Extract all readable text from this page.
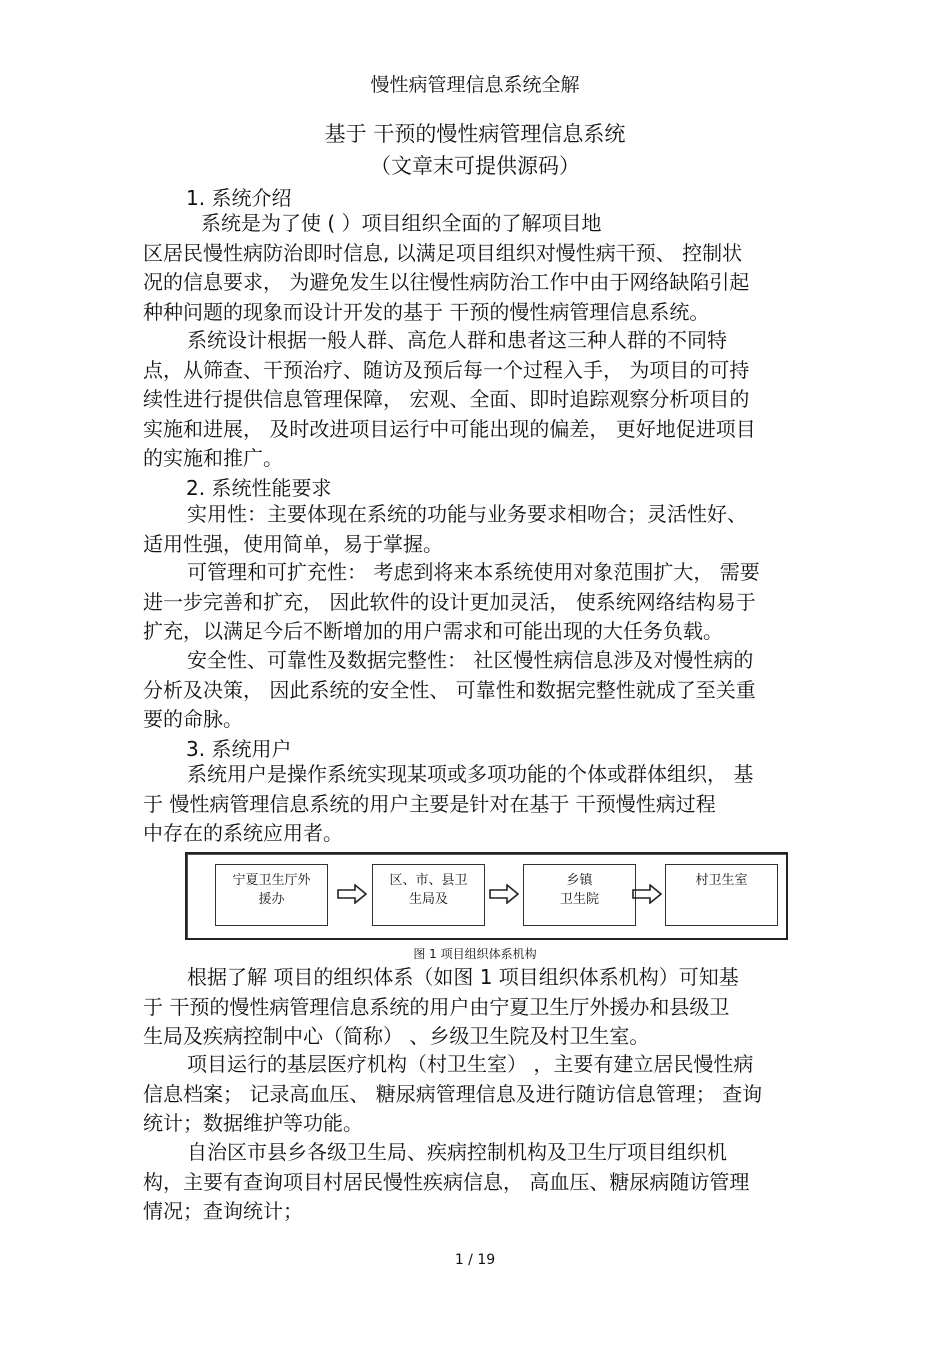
慢性病管理信息系统全解
基于 干预的慢性病管理信息系统
（文章末可提供源码）
1. 系统介绍
系统是为了使 ( ）项目组织全面的了解项目地
区居民慢性病防治即时信息, 以满足项目组织对慢性病干预、 控制状
况的信息要求， 为避免发生以往慢性病防治工作中由于网络缺陷引起
种种问题的现象而设计开发的基于 干预的慢性病管理信息系统。
系统设计根据一般人群、高危人群和患者这三种人群的不同特
点，从筛查、干预治疗、随访及预后每一个过程入手， 为项目的可持
续性进行提供信息管理保障， 宏观、全面、即时追踪观察分析项目的
实施和进展， 及时改进项目运行中可能出现的偏差， 更好地促进项目
的实施和推广。
2. 系统性能要求
实用性：主要体现在系统的功能与业务要求相吻合；灵活性好、
适用性强，使用简单，易于掌握。
可管理和可扩充性： 考虑到将来本系统使用对象范围扩大， 需要
进一步完善和扩充， 因此软件的设计更加灵活， 使系统网络结构易于
扩充，以满足今后不断增加的用户需求和可能出现的大任务负载。
安全性、可靠性及数据完整性： 社区慢性病信息涉及对慢性病的
分析及决策， 因此系统的安全性、 可靠性和数据完整性就成了至关重
要的命脉。
3. 系统用户
系统用户是操作系统实现某项或多项功能的个体或群体组织， 基
于 慢性病管理信息系统的用户主要是针对在基于 干预慢性病过程
中存在的系统应用者。
宁夏卫生厅外
援办
区、市、县卫
生局及
乡镇
卫生院
村卫生室
图 1 项目组织体系机构
根据了解 项目的组织体系（如图 1 项目组织体系机构）可知基
于 干预的慢性病管理信息系统的用户由宁夏卫生厅外援办和县级卫
生局及疾病控制中心（简称） 、乡级卫生院及村卫生室。
项目运行的基层医疗机构（村卫生室） ，主要有建立居民慢性病
信息档案； 记录高血压、 糖尿病管理信息及进行随访信息管理； 查询
统计；数据维护等功能。
自治区市县乡各级卫生局、疾病控制机构及卫生厅项目组织机
构，主要有查询项目村居民慢性疾病信息， 高血压、糖尿病随访管理
情况；查询统计；
1 / 19
